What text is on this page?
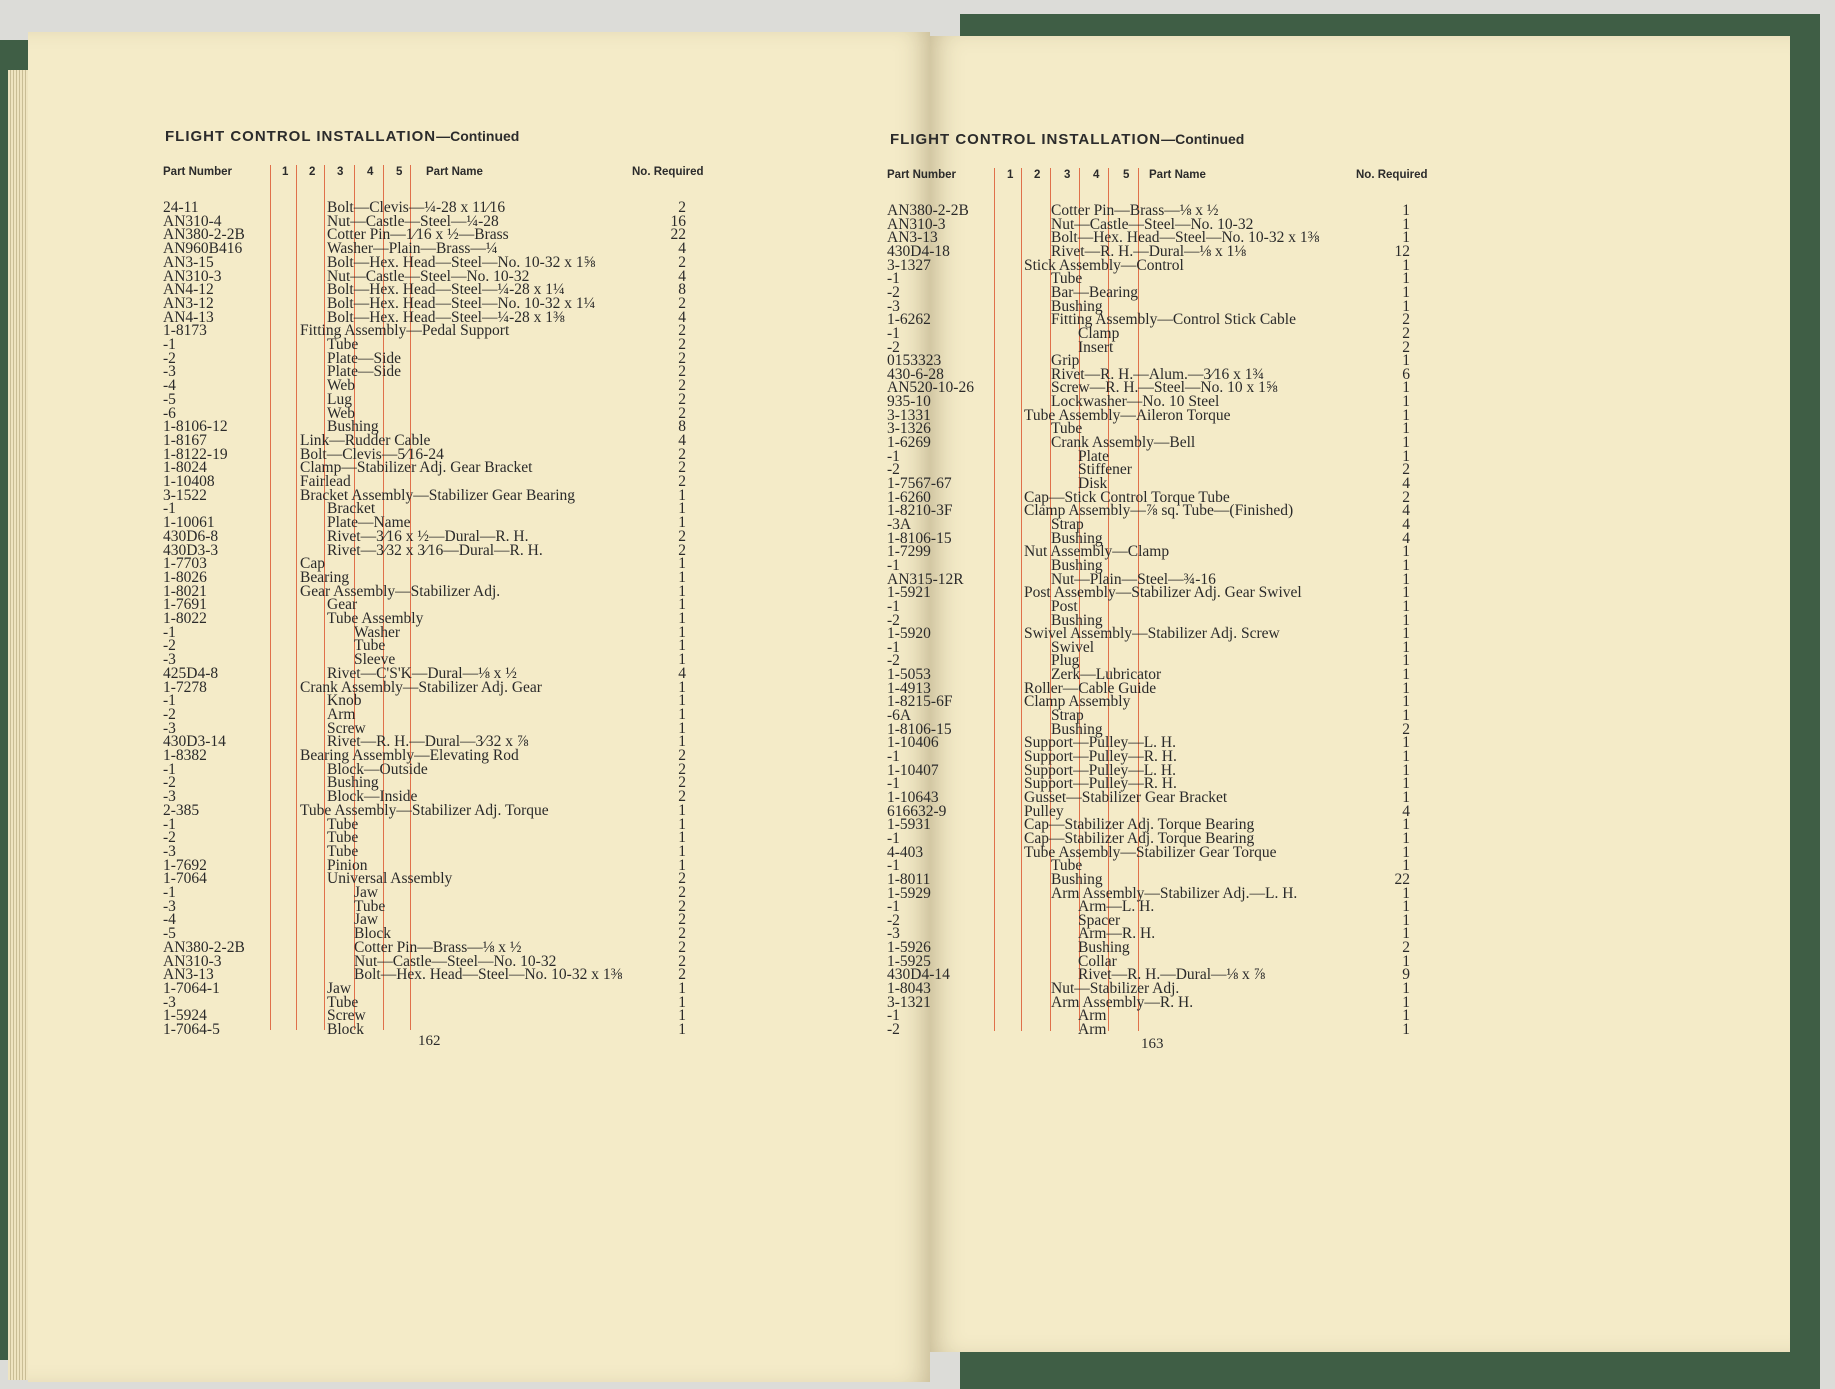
FLIGHT CONTROL INSTALLATION—Continued
Part Number	1 2 3 4 5 Part Name	No. Required
24-11	Bolt—Clevis—¼-28 x 11⁄16	2
AN310-4	Nut—Castle—Steel—¼-28	16
AN380-2-2B	Cotter Pin—1⁄16 x ½—Brass	22
AN960B416	Washer—Plain—Brass—¼	4
AN3-15	Bolt—Hex. Head—Steel—No. 10-32 x 1⅝	2
AN310-3	Nut—Castle—Steel—No. 10-32	4
AN4-12	Bolt—Hex. Head—Steel—¼-28 x 1¼	8
AN3-12	Bolt—Hex. Head—Steel—No. 10-32 x 1¼	2
AN4-13	Bolt—Hex. Head—Steel—¼-28 x 1⅜	4
1-8173	Fitting Assembly—Pedal Support	2
-1	Tube	2
-2	Plate—Side	2
-3	Plate—Side	2
-4	Web	2
-5	Lug	2
-6	Web	2
1-8106-12	Bushing	8
1-8167	Link—Rudder Cable	4
1-8122-19	Bolt—Clevis—5⁄16-24	2
1-8024	Clamp—Stabilizer Adj. Gear Bracket	2
1-10408	Fairlead	2
3-1522	Bracket Assembly—Stabilizer Gear Bearing	1
-1	Bracket	1
1-10061	Plate—Name	1
430D6-8	Rivet—3⁄16 x ½—Dural—R. H.	2
430D3-3	Rivet—3⁄32 x 3⁄16—Dural—R. H.	2
1-7703	Cap	1
1-8026	Bearing	1
1-8021	Gear Assembly—Stabilizer Adj.	1
1-7691	Gear	1
1-8022	Tube Assembly	1
-1	Washer	1
-2	Tube	1
-3	Sleeve	1
425D4-8	Rivet—C'S'K—Dural—⅛ x ½	4
1-7278	Crank Assembly—Stabilizer Adj. Gear	1
-1	Knob	1
-2	Arm	1
-3	Screw	1
430D3-14	Rivet—R. H.—Dural—3⁄32 x ⅞	1
1-8382	Bearing Assembly—Elevating Rod	2
-1	Block—Outside	2
-2	Bushing	2
-3	Block—Inside	2
2-385	Tube Assembly—Stabilizer Adj. Torque	1
-1	Tube	1
-2	Tube	1
-3	Tube	1
1-7692	Pinion	1
1-7064	Universal Assembly	2
-1	Jaw	2
-3	Tube	2
-4	Jaw	2
-5	Block	2
AN380-2-2B	Cotter Pin—Brass—⅛ x ½	2
AN310-3	Nut—Castle—Steel—No. 10-32	2
AN3-13	Bolt—Hex. Head—Steel—No. 10-32 x 1⅜	2
1-7064-1	Jaw	1
-3	Tube	1
1-5924	Screw	1
1-7064-5	Block	1
162
FLIGHT CONTROL INSTALLATION—Continued
Part Number	1 2 3 4 5 Part Name	No. Required
AN380-2-2B	Cotter Pin—Brass—⅛ x ½	1
AN310-3	Nut—Castle—Steel—No. 10-32	1
AN3-13	Bolt—Hex. Head—Steel—No. 10-32 x 1⅜	1
430D4-18	Rivet—R. H.—Dural—⅛ x 1⅛	12
3-1327	Stick Assembly—Control	1
-1	Tube	1
-2	Bar—Bearing	1
-3	Bushing	1
1-6262	Fitting Assembly—Control Stick Cable	2
-1	Clamp	2
-2	Insert	2
0153323	Grip	1
430-6-28	Rivet—R. H.—Alum.—3⁄16 x 1¾	6
AN520-10-26	Screw—R. H.—Steel—No. 10 x 1⅝	1
935-10	Lockwasher—No. 10 Steel	1
3-1331	Tube Assembly—Aileron Torque	1
3-1326	Tube	1
1-6269	Crank Assembly—Bell	1
-1	Plate	1
-2	Stiffener	2
1-7567-67	Disk	4
1-6260	Cap—Stick Control Torque Tube	2
1-8210-3F	Clamp Assembly—⅞ sq. Tube—(Finished)	4
-3A	Strap	4
1-8106-15	Bushing	4
1-7299	Nut Assembly—Clamp	1
-1	Bushing	1
AN315-12R	Nut—Plain—Steel—¾-16	1
1-5921	Post Assembly—Stabilizer Adj. Gear Swivel	1
-1	Post	1
-2	Bushing	1
1-5920	Swivel Assembly—Stabilizer Adj. Screw	1
-1	Swivel	1
-2	Plug	1
1-5053	Zerk—Lubricator	1
1-4913	Roller—Cable Guide	1
1-8215-6F	Clamp Assembly	1
-6A	Strap	1
1-8106-15	Bushing	2
1-10406	Support—Pulley—L. H.	1
-1	Support—Pulley—R. H.	1
1-10407	Support—Pulley—L. H.	1
-1	Support—Pulley—R. H.	1
1-10643	Gusset—Stabilizer Gear Bracket	1
616632-9	Pulley	4
1-5931	Cap—Stabilizer Adj. Torque Bearing	1
-1	Cap—Stabilizer Adj. Torque Bearing	1
4-403	Tube Assembly—Stabilizer Gear Torque	1
-1	Tube	1
1-8011	Bushing	22
1-5929	Arm Assembly—Stabilizer Adj.—L. H.	1
-1	Arm—L. H.	1
-2	Spacer	1
-3	Arm—R. H.	1
1-5926	Bushing	2
1-5925	Collar	1
430D4-14	Rivet—R. H.—Dural—⅛ x ⅞	9
1-8043	Nut—Stabilizer Adj.	1
3-1321	Arm Assembly—R. H.	1
-1	Arm	1
-2	Arm	1
163
